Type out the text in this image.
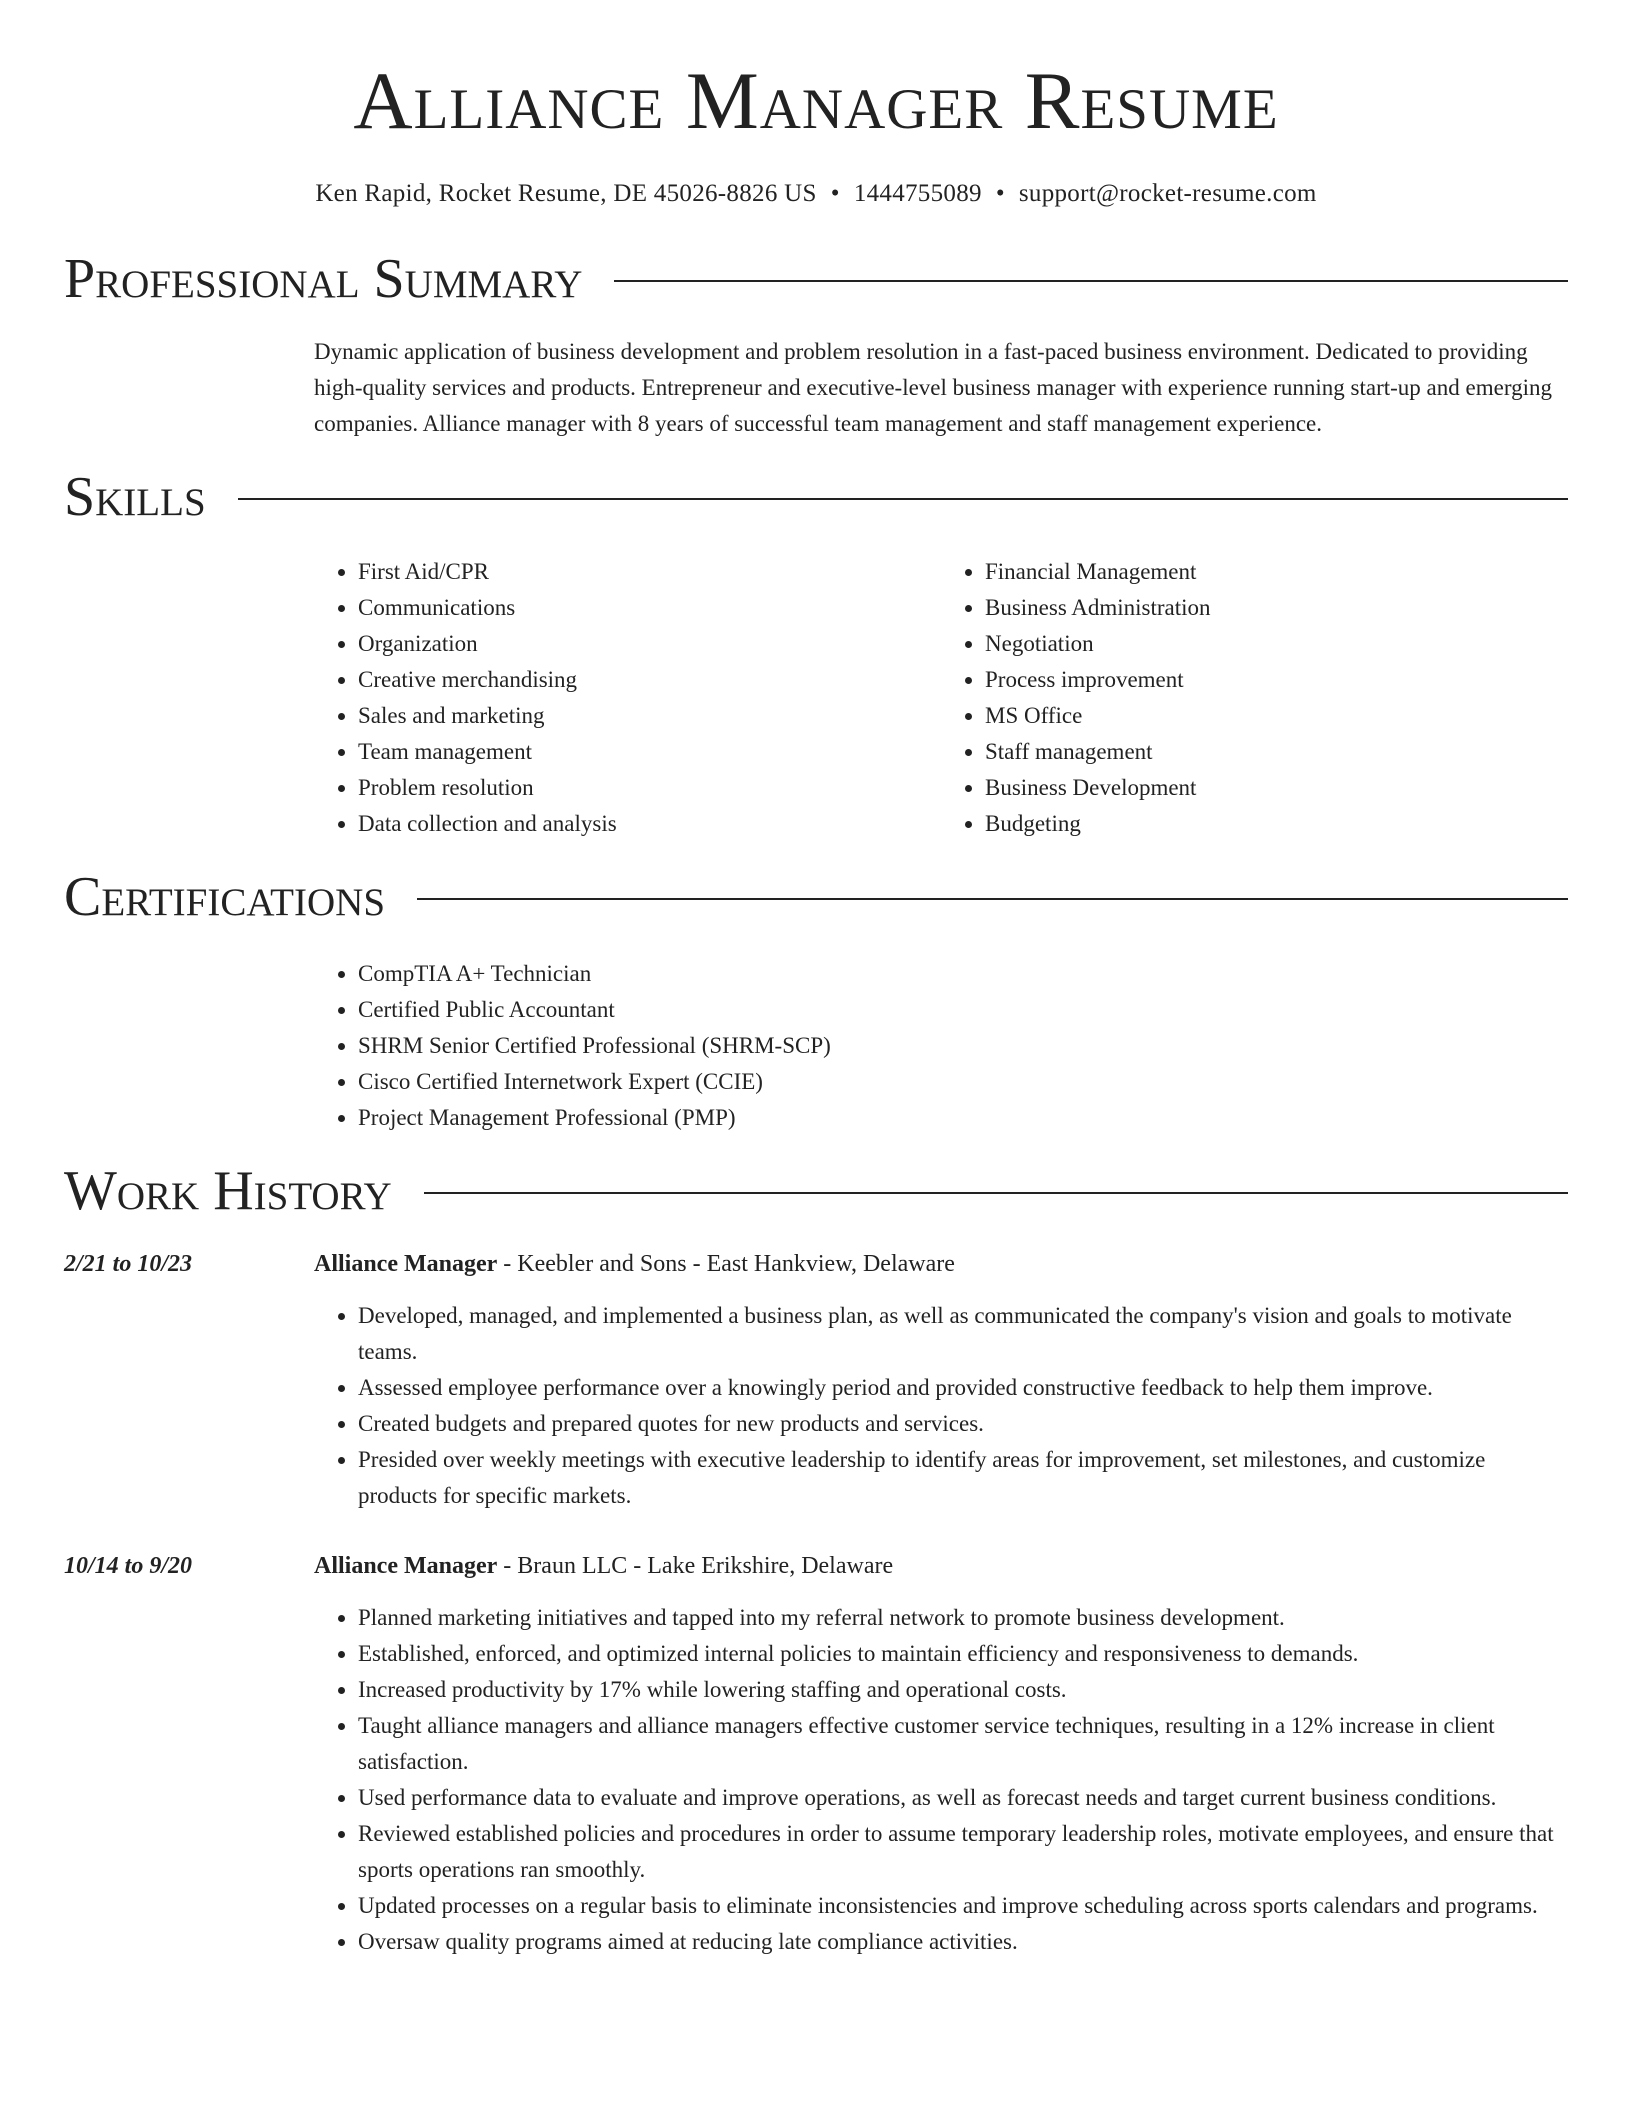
Alliance Manager Resume
Ken Rapid, Rocket Resume, DE 45026-8826 US • 1444755089 • support@rocket-resume.com
Professional Summary

Dynamic application of business development and problem resolution in a fast-paced business environment. Dedicated to providing high-quality services and products. Entrepreneur and executive-level business manager with experience running start-up and emerging companies. Alliance manager with 8 years of successful team management and staff management experience.

Skills
• First Aid/CPR
• Communications
• Organization
• Creative merchandising
• Sales and marketing
• Team management
• Problem resolution
• Data collection and analysis
• Financial Management
• Business Administration
• Negotiation
• Process improvement
• MS Office
• Staff management
• Business Development
• Budgeting
Certifications
• CompTIA A+ Technician
• Certified Public Accountant
• SHRM Senior Certified Professional (SHRM-SCP)
• Cisco Certified Internetwork Expert (CCIE)
• Project Management Professional (PMP)
Work History
2/21 to 10/23	Alliance Manager - Keebler and Sons - East Hankview, Delaware
• Developed, managed, and implemented a business plan, as well as communicated the company's vision and goals to motivate teams.
• Assessed employee performance over a knowingly period and provided constructive feedback to help them improve.
• Created budgets and prepared quotes for new products and services.
• Presided over weekly meetings with executive leadership to identify areas for improvement, set milestones, and customize products for specific markets.
10/14 to 9/20	Alliance Manager - Braun LLC - Lake Erikshire, Delaware
• Planned marketing initiatives and tapped into my referral network to promote business development.
• Established, enforced, and optimized internal policies to maintain efficiency and responsiveness to demands.
• Increased productivity by 17% while lowering staffing and operational costs.
• Taught alliance managers and alliance managers effective customer service techniques, resulting in a 12% increase in client satisfaction.
• Used performance data to evaluate and improve operations, as well as forecast needs and target current business conditions.
• Reviewed established policies and procedures in order to assume temporary leadership roles, motivate employees, and ensure that sports operations ran smoothly.
• Updated processes on a regular basis to eliminate inconsistencies and improve scheduling across sports calendars and programs.
• Oversaw quality programs aimed at reducing late compliance activities.
